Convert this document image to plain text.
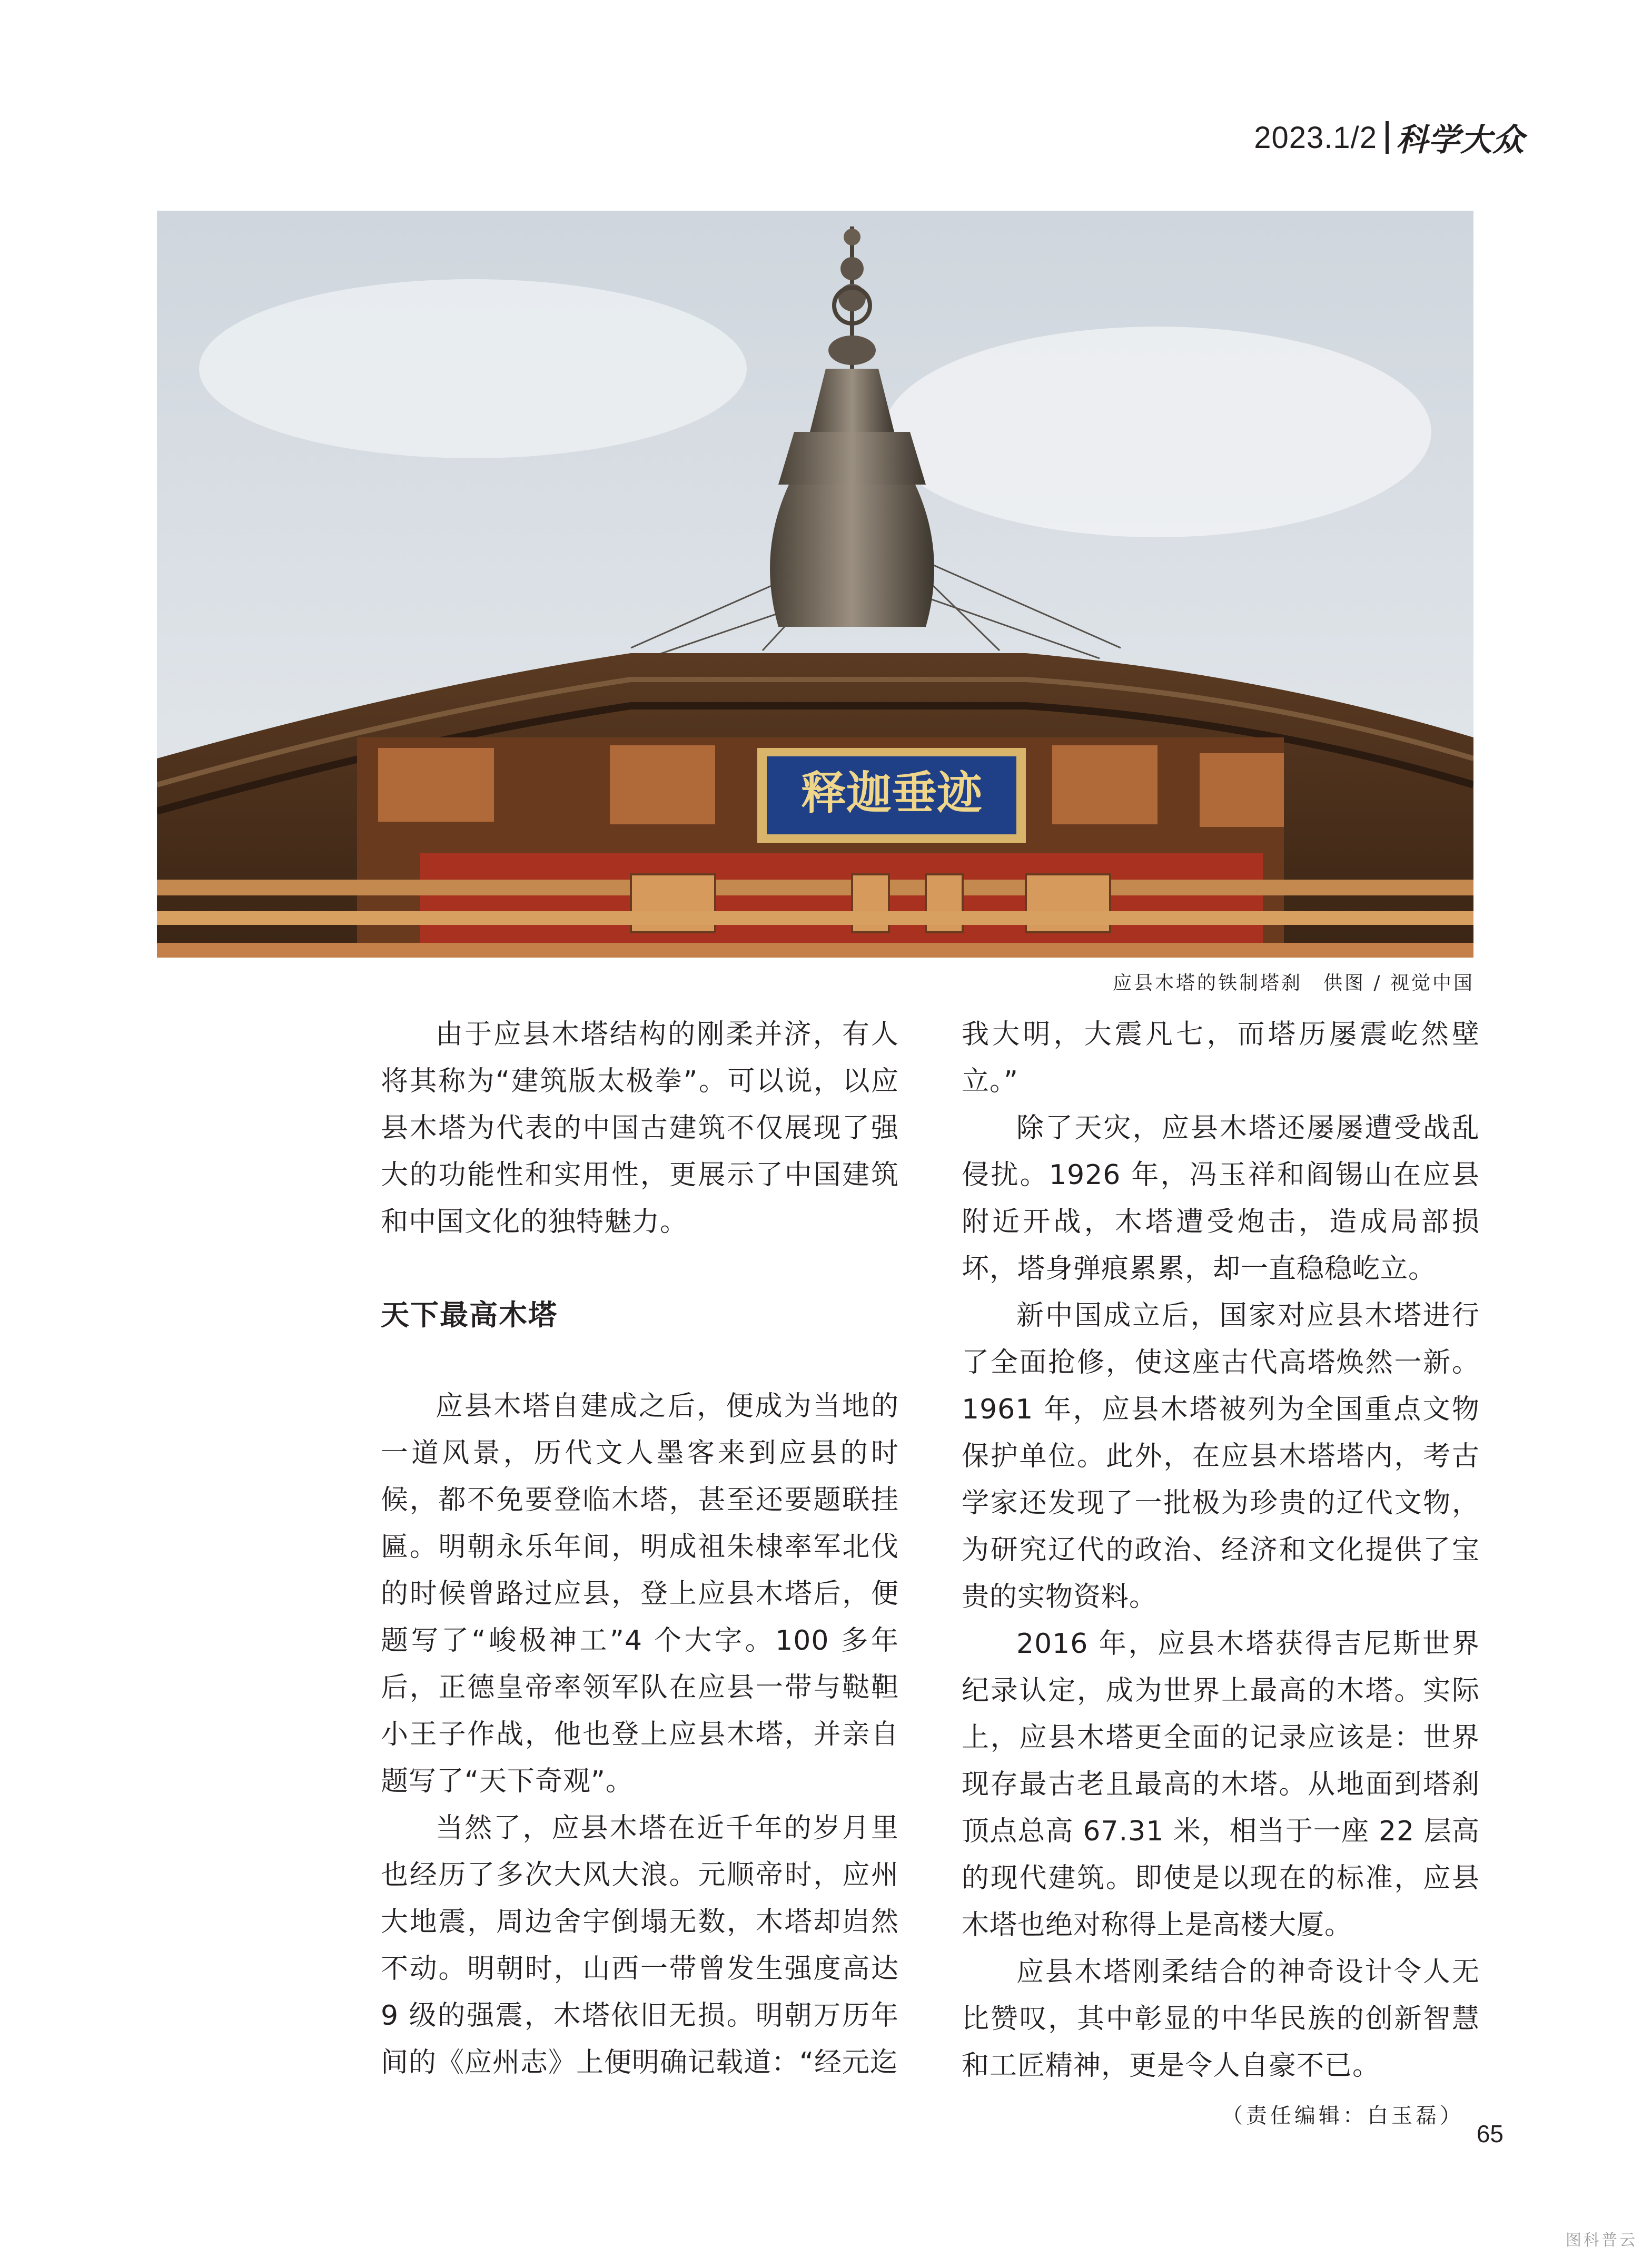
2023.1/2 科学大众
释迦垂迹
应县木塔的铁制塔刹　供图 / 视觉中国

由于应县木塔结构的刚柔并济，有人将其称为“建筑版太极拳”。可以说，以应县木塔为代表的中国古建筑不仅展现了强大的功能性和实用性，更展示了中国建筑和中国文化的独特魅力。

天下最高木塔

应县木塔自建成之后，便成为当地的一道风景，历代文人墨客来到应县的时候，都不免要登临木塔，甚至还要题联挂匾。明朝永乐年间，明成祖朱棣率军北伐的时候曾路过应县，登上应县木塔后，便题写了“峻极神工”4 个大字。100 多年后，正德皇帝率领军队在应县一带与鞑靼小王子作战，他也登上应县木塔，并亲自题写了“天下奇观”。

当然了，应县木塔在近千年的岁月里也经历了多次大风大浪。元顺帝时，应州大地震，周边舍宇倒塌无数，木塔却岿然不动。明朝时，山西一带曾发生强度高达 9 级的强震，木塔依旧无损。明朝万历年间的《应州志》上便明确记载道：“经元迄

我大明，大震凡七，而塔历屡震屹然壁立。”

除了天灾，应县木塔还屡屡遭受战乱侵扰。1926 年，冯玉祥和阎锡山在应县附近开战，木塔遭受炮击，造成局部损坏，塔身弹痕累累，却一直稳稳屹立。

新中国成立后，国家对应县木塔进行了全面抢修，使这座古代高塔焕然一新。1961 年，应县木塔被列为全国重点文物保护单位。此外，在应县木塔塔内，考古学家还发现了一批极为珍贵的辽代文物，为研究辽代的政治、经济和文化提供了宝贵的实物资料。

2016 年，应县木塔获得吉尼斯世界纪录认定，成为世界上最高的木塔。实际上，应县木塔更全面的记录应该是：世界现存最古老且最高的木塔。从地面到塔刹顶点总高 67.31 米，相当于一座 22 层高的现代建筑。即使是以现在的标准，应县木塔也绝对称得上是高楼大厦。

应县木塔刚柔结合的神奇设计令人无比赞叹，其中彰显的中华民族的创新智慧和工匠精神，更是令人自豪不已。

（责任编辑：白玉磊）
65
图科普云
